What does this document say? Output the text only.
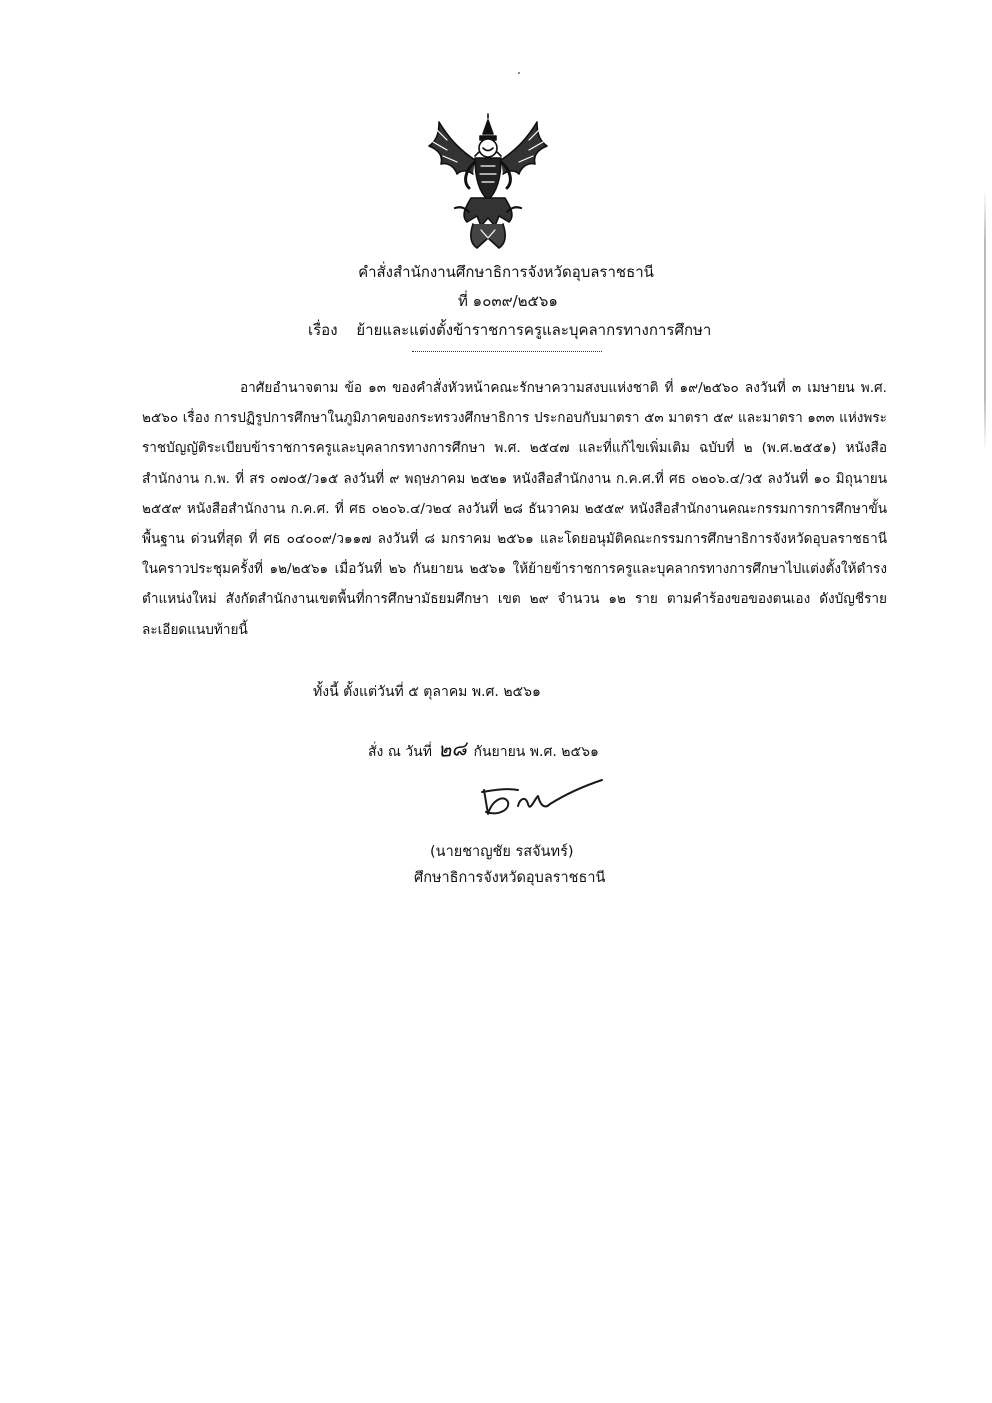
คำสั่งสำนักงานศึกษาธิการจังหวัดอุบลราชธานี
ที่ ๑๐๓๙/๒๕๖๑
เรื่อง ย้ายและแต่งตั้งข้าราชการครูและบุคลากรทางการศึกษา
อาศัยอำนาจตาม ข้อ ๑๓ ของคำสั่งหัวหน้าคณะรักษาความสงบแห่งชาติ ที่ ๑๙/๒๕๖๐ ลงวันที่ ๓ เมษายน พ.ศ. ๒๕๖๐ เรื่อง การปฏิรูปการศึกษาในภูมิภาคของกระทรวงศึกษาธิการ ประกอบกับมาตรา ๕๓ มาตรา ๕๙ และมาตรา ๑๓๓ แห่งพระราชบัญญัติระเบียบข้าราชการครูและบุคลากรทางการศึกษา พ.ศ. ๒๕๔๗ และที่แก้ไขเพิ่มเติม ฉบับที่ ๒ (พ.ศ.๒๕๕๑) หนังสือสำนักงาน ก.พ. ที่ สร ๐๗๐๕/ว๑๕ ลงวันที่ ๙ พฤษภาคม ๒๕๒๑ หนังสือสำนักงาน ก.ค.ศ.ที่ ศธ ๐๒๐๖.๔/ว๕ ลงวันที่ ๑๐ มิถุนายน ๒๕๕๙ หนังสือสำนักงาน ก.ค.ศ. ที่ ศธ ๐๒๐๖.๔/ว๒๔ ลงวันที่ ๒๘ ธันวาคม ๒๕๕๙ หนังสือสำนักงานคณะกรรมการการศึกษาขั้นพื้นฐาน ด่วนที่สุด ที่ ศธ ๐๔๐๐๙/ว๑๑๗ ลงวันที่ ๘ มกราคม ๒๕๖๑ และโดยอนุมัติคณะกรรมการศึกษาธิการจังหวัดอุบลราชธานี ในคราวประชุมครั้งที่ ๑๒/๒๕๖๑ เมื่อวันที่ ๒๖ กันยายน ๒๕๖๑ ให้ย้ายข้าราชการครูและบุคลากรทางการศึกษาไปแต่งตั้งให้ดำรงตำแหน่งใหม่ สังกัดสำนักงานเขตพื้นที่การศึกษามัธยมศึกษา เขต ๒๙ จำนวน ๑๒ ราย ตามคำร้องขอของตนเอง ดังบัญชีรายละเอียดแนบท้ายนี้
ทั้งนี้ ตั้งแต่วันที่ ๕ ตุลาคม พ.ศ. ๒๕๖๑
สั่ง ณ วันที่ ๒๘ กันยายน พ.ศ. ๒๕๖๑
(นายชาญชัย รสจันทร์)
ศึกษาธิการจังหวัดอุบลราชธานี
